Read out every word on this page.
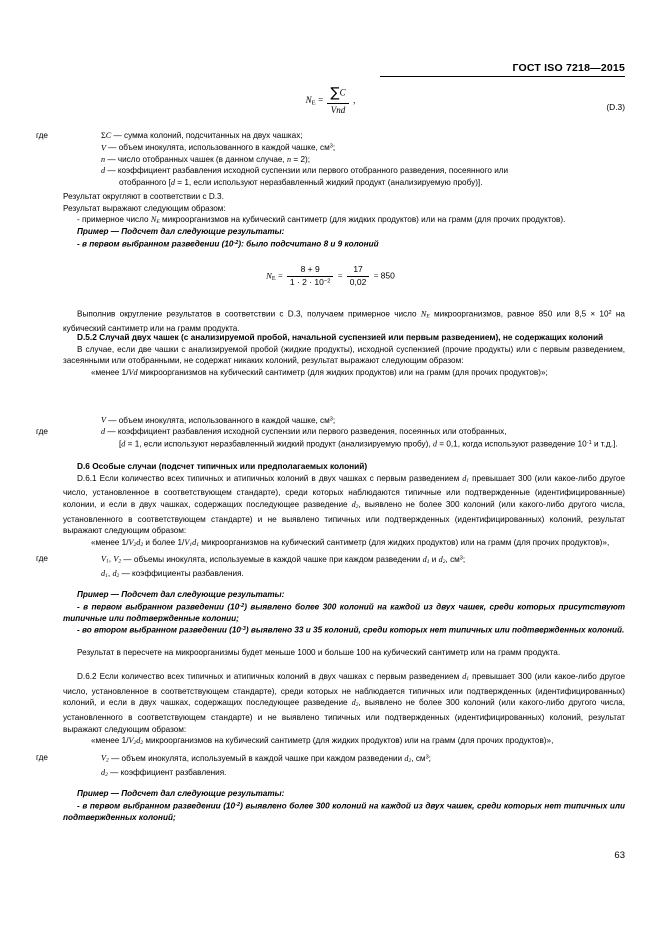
ГОСТ ISO 7218—2015
NE = $\frac{\sum C}{\text{Vnd}}$ ,
(D.3)
где	ΣC — сумма колоний, подсчитанных на двух чашках;
V — объем инокулята, использованного в каждой чашке, $см^3$;
n — число отобранных чашек (в данном случае, n = 2);
d — коэффициент разбавления исходной суспензии или первого отобранного разведения, посеянного или
отобранного [d = 1, если используют неразбавленный жидкий продукт (анализируемую пробу)].
Результат округляют в соответствии с D.3.
Результат выражают следующим образом:
- примерное число $N_E$ микроорганизмов на кубический сантиметр (для жидких продуктов) или на грамм (для прочих продуктов).
Пример — Подсчет дал следующие результаты:
- в первом выбранном разведении $(10^{-2})$: было подсчитано 8 и 9 колоний
NE = $\frac{8 + 9}{1 \cdot 2 \cdot 10^{-2}} = \frac{17}{0,02} = 850$
Выполнив округление результатов в соответствии с D.3, получаем примерное число $N_E$ микроорганизмов, равное 850 или $8,5 \times 10^2$ на кубический сантиметр или на грамм продукта.
D.5.2 Случай двух чашек (с анализируемой пробой, начальной суспензией или первым разведением), не содержащих колоний
В случае, если две чашки с анализируемой пробой (жидкие продукты), исходной суспензией (прочие продукты) или с первым разведением, засеянными или отобранными, не содержат никаких колоний, результат выражают следующим образом:
«менее 1/Vd микроорганизмов на кубический сантиметр (для жидких продуктов) или на грамм (для прочих продуктов)»;
где
V — объем инокулята, использованного в каждой чашке, $см^3$;
d — коэффициент разбавления исходной суспензии или первого разведения, посеянных или отобранных,
[d = 1, если используют неразбавленный жидкий продукт (анализируемую пробу), d = 0,1, когда используют разведение $10^{-1}$ и т.д.].
D.6 Особые случаи (подсчет типичных или предполагаемых колоний)
D.6.1 Если количество всех типичных и атипичных колоний в двух чашках с первым разведением $d_1$ превышает 300 (или какое-либо другое число, установленное в соответствующем стандарте), среди которых наблюдаются типичные или подтвержденные (идентифицированные) колонии, и если в двух чашках, содержащих последующее разведение $d_2$, выявлено не более 300 колоний (или какого-либо другого числа, установленного в соответствующем стандарте) и не выявлено типичных или подтвержденных (идентифицированных) колоний, результат выражают следующим образом:
«менее $1/V_2d_2$ и более $1/V_1d_1$ микроорганизмов на кубический сантиметр (для жидких продуктов) или на грамм (для прочих продуктов)»,
где	$V_1$, $V_2$ — объемы инокулята, используемые в каждой чашке при каждом разведении $d_1$ и $d_2$, $см^3$;
$d_1$, $d_2$ — коэффициенты разбавления.
Пример — Подсчет дал следующие результаты:
- в первом выбранном разведении $(10^{-2})$ выявлено более 300 колоний на каждой из двух чашек, среди которых присутствуют типичные или подтвержденные колонии;
- во втором выбранном разведении $(10^{-3})$ выявлено 33 и 35 колоний, среди которых нет типичных или подтвержденных колоний.
Результат в пересчете на микроорганизмы будет меньше 1000 и больше 100 на кубический сантиметр или на грамм продукта.
D.6.2 Если количество всех типичных и атипичных колоний в двух чашках с первым разведением $d_1$ превышает 300 (или какое-либо другое число, установленное в соответствующем стандарте), среди которых не наблюдается типичных или подтвержденных (идентифицированных) колоний, и если в двух чашках, содержащих последующее разведение $d_2$, выявлено не более 300 колоний (или какого-либо другого числа, установленного в соответствующем стандарте) и не выявлено типичных или подтвержденных (идентифицированных) колоний, результат выражают следующим образом:
«менее $1/V_2d_2$ микроорганизмов на кубический сантиметр (для жидких продуктов) или на грамм (для прочих продуктов)»,
где	$V_2$ — объем инокулята, используемый в каждой чашке при каждом разведении $d_2$, $см^3$;
$d_2$ — коэффициент разбавления.
Пример — Подсчет дал следующие результаты:
- в первом выбранном разведении $(10^{-2})$ выявлено более 300 колоний на каждой из двух чашек, среди которых нет типичных или подтвержденных колоний;
63
